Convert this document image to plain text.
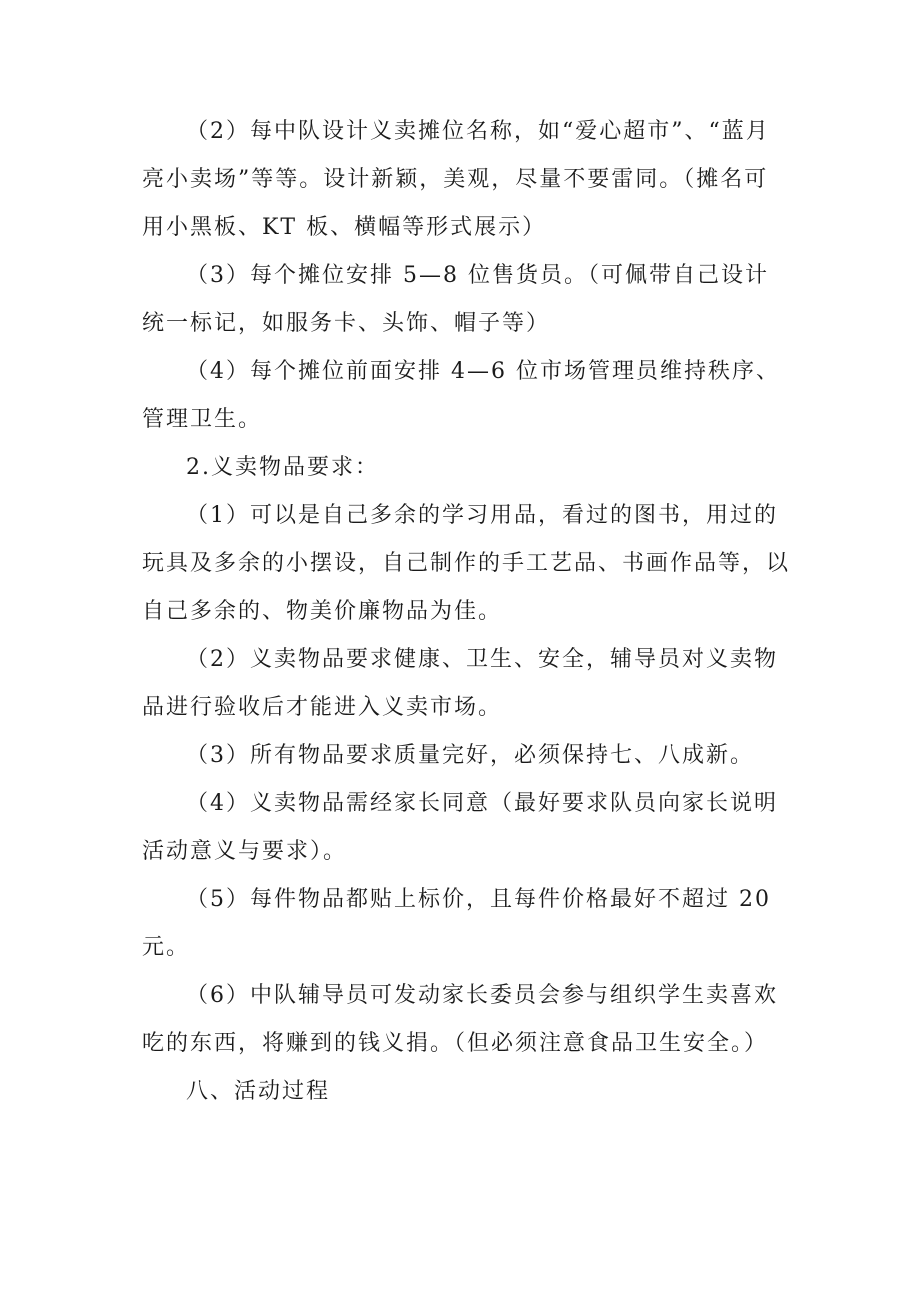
（2）每中队设计义卖摊位名称，如“爱心超市”、“蓝月亮小卖场”等等。设计新颖，美观，尽量不要雷同。（摊名可用小黑板、KT 板、横幅等形式展示）

（3）每个摊位安排 5—8 位售货员。（可佩带自己设计统一标记，如服务卡、头饰、帽子等）

（4）每个摊位前面安排 4—6 位市场管理员维持秩序、管理卫生。

2.义卖物品要求：

（1）可以是自己多余的学习用品，看过的图书，用过的玩具及多余的小摆设，自己制作的手工艺品、书画作品等，以自己多余的、物美价廉物品为佳。

（2）义卖物品要求健康、卫生、安全，辅导员对义卖物品进行验收后才能进入义卖市场。

（3）所有物品要求质量完好，必须保持七、八成新。

（4）义卖物品需经家长同意（最好要求队员向家长说明活动意义与要求）。

（5）每件物品都贴上标价，且每件价格最好不超过 20 元。

（6）中队辅导员可发动家长委员会参与组织学生卖喜欢吃的东西，将赚到的钱义捐。（但必须注意食品卫生安全。）

八、活动过程
